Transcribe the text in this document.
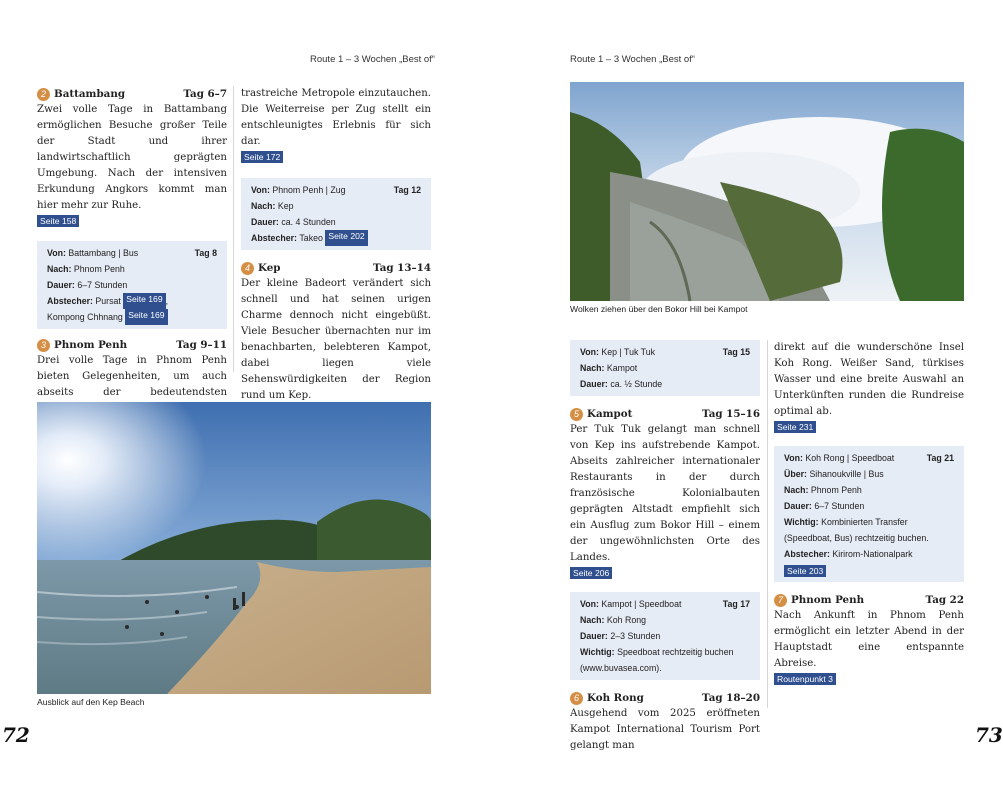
Route 1 – 3 Wochen „Best of“
2 Battambang	Tag 6–7

Zwei volle Tage in Battambang ermöglichen Besuche großer Teile der Stadt und ihrer landwirtschaftlich geprägten Umgebung. Nach der intensiven Erkundung Angkors kommt man hier mehr zur Ruhe.

Seite 158
Von:
Battambang | Bus	Tag 8
Nach:
Phnom Penh
Dauer:
6–7 Stunden
Abstecher:
Pursat
Seite 169 ,
Kompong Chhnang
Seite 169
3 Phnom Penh	Tag 9–11

Drei volle Tage in Phnom Penh bieten Gelegenheiten, um auch abseits der bedeutendsten

trastreiche Metropole einzutauchen. Die Weiterreise per Zug stellt ein entschleunigtes Erlebnis für sich dar.

Seite 172
Von:
Phnom Penh | Zug	Tag 12
Nach:
Kep
Dauer:
ca. 4 Stunden
Abstecher:
Takeo
Seite 202
4 Kep	Tag 13–14

Der kleine Badeort verändert sich schnell und hat seinen urigen Charme dennoch nicht eingebüßt. Viele Besucher übernachten nur im benachbarten, belebteren Kampot, dabei liegen viele Sehenswürdigkeiten der Region rund um Kep.

Ausblick auf den Kep Beach
72
Route 1 – 3 Wochen „Best of“
Wolken ziehen über den Bokor Hill bei Kampot
Von:
Kep | Tuk Tuk	Tag 15
Nach:
Kampot
Dauer:
ca. ½ Stunde
5 Kampot	Tag 15–16

Per Tuk Tuk gelangt man schnell von Kep ins aufstrebende Kampot. Abseits zahlreicher internationaler Restaurants in der durch französische Kolonialbauten geprägten Altstadt empfiehlt sich ein Ausflug zum Bokor Hill – einem der ungewöhnlichsten Orte des Landes.

Seite 206
Von:
Kampot | Speedboat	Tag 17
Nach:
Koh Rong
Dauer:
2–3 Stunden
Wichtig: Speedboat rechtzeitig buchen (www.buvasea.com).
6 Koh Rong	Tag 18–20

Ausgehend vom 2025 eröffneten Kampot International Tourism Port gelangt man

direkt auf die wunderschöne Insel Koh Rong. Weißer Sand, türkises Wasser und eine breite Auswahl an Unterkünften runden die Rundreise optimal ab.

Seite 231
Von:
Koh Rong | Speedboat	Tag 21
Über:
Sihanoukville | Bus
Nach:
Phnom Penh
Dauer:
6–7 Stunden
Wichtig: Kombinierten Transfer (Speedboat, Bus) rechtzeitig buchen.
Abstecher:
Kirirom-Nationalpark
Seite 203
7 Phnom Penh	Tag 22

Nach Ankunft in Phnom Penh ermöglicht ein letzter Abend in der Hauptstadt eine entspannte Abreise.

Routenpunkt 3
73
